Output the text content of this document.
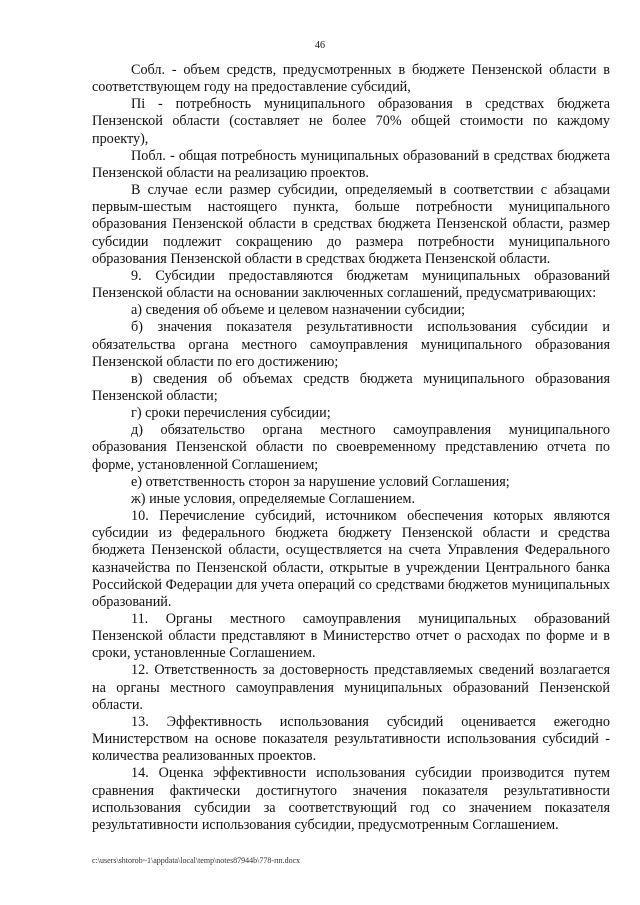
46

Собл. - объем средств, предусмотренных в бюджете Пензенской области в соответствующем году на предоставление субсидий,

Пi - потребность муниципального образования в средствах бюджета Пензенской области (составляет не более 70% общей стоимости по каждому проекту),

Побл. - общая потребность муниципальных образований в средствах бюджета Пензенской области на реализацию проектов.

В случае если размер субсидии, определяемый в соответствии с абзацами первым-шестым настоящего пункта, больше потребности муниципального образования Пензенской области в средствах бюджета Пензенской области, размер субсидии подлежит сокращению до размера потребности муниципального образования Пензенской области в средствах бюджета Пензенской области.

9. Субсидии предоставляются бюджетам муниципальных образований Пензенской области на основании заключенных соглашений, предусматривающих:

а) сведения об объеме и целевом назначении субсидии;

б) значения показателя результативности использования субсидии и обязательства органа местного самоуправления муниципального образования Пензенской области по его достижению;

в) сведения об объемах средств бюджета муниципального образования Пензенской области;

г) сроки перечисления субсидии;

д) обязательство органа местного самоуправления муниципального образования Пензенской области по своевременному представлению отчета по форме, установленной Соглашением;

е) ответственность сторон за нарушение условий Соглашения;

ж) иные условия, определяемые Соглашением.

10. Перечисление субсидий, источником обеспечения которых являются субсидии из федерального бюджета бюджету Пензенской области и средства бюджета Пензенской области, осуществляется на счета Управления Федерального казначейства по Пензенской области, открытые в учреждении Центрального банка Российской Федерации для учета операций со средствами бюджетов муниципальных образований.

11. Органы местного самоуправления муниципальных образований Пензенской области представляют в Министерство отчет о расходах по форме и в сроки, установленные Соглашением.

12. Ответственность за достоверность представляемых сведений возлагается на органы местного самоуправления муниципальных образований Пензенской области.

13. Эффективность использования субсидий оценивается ежегодно Министерством на основе показателя результативности использования субсидий - количества реализованных проектов.

14. Оценка эффективности использования субсидии производится путем сравнения фактически достигнутого значения показателя результативности использования субсидии за соответствующий год со значением показателя результативности использования субсидии, предусмотренным Соглашением.

c:\users\shtorob~1\appdata\local\temp\notes87944b\778-пп.docx
